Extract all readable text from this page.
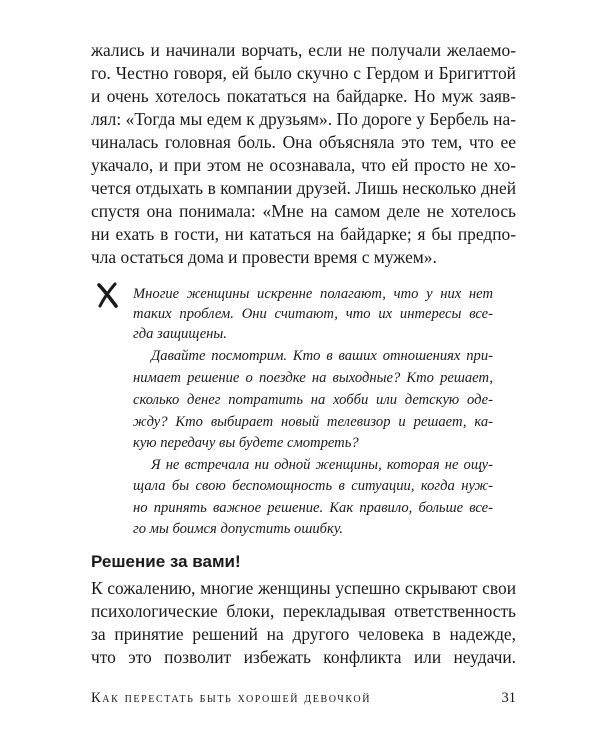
жались и начинали ворчать, если не получали желаемо-
го. Честно говоря, ей было скучно с Гердом и Бригиттой
и очень хотелось покататься на байдарке. Но муж заяв-
лял: «Тогда мы едем к друзьям». По дороге у Бербель на-
чиналась головная боль. Она объясняла это тем, что ее
укачало, и при этом не осознавала, что ей просто не хо-
чется отдыхать в компании друзей. Лишь несколько дней
спустя она понимала: «Мне на самом деле не хотелось
ни ехать в гости, ни кататься на байдарке; я бы предпо-
чла остаться дома и провести время с мужем».
Многие женщины искренне полагают, что у них нет
таких проблем. Они считают, что их интересы все-
гда защищены.
Давайте посмотрим. Кто в ваших отношениях при-
нимает решение о поездке на выходные? Кто решает,
сколько денег потратить на хобби или детскую оде-
жду? Кто выбирает новый телевизор и решает, ка-
кую передачу вы будете смотреть?
Я не встречала ни одной женщины, которая не ощу-
щала бы свою беспомощность в ситуации, когда нуж-
но принять важное решение. Как правило, больше все-
го мы боимся допустить ошибку.
Решение за вами!
К сожалению, многие женщины успешно скрывают свои
психологические блоки, перекладывая ответственность
за принятие решений на другого человека в надежде,
что это позволит избежать конфликта или неудачи.
Как перестать быть хорошей девочкой	31
